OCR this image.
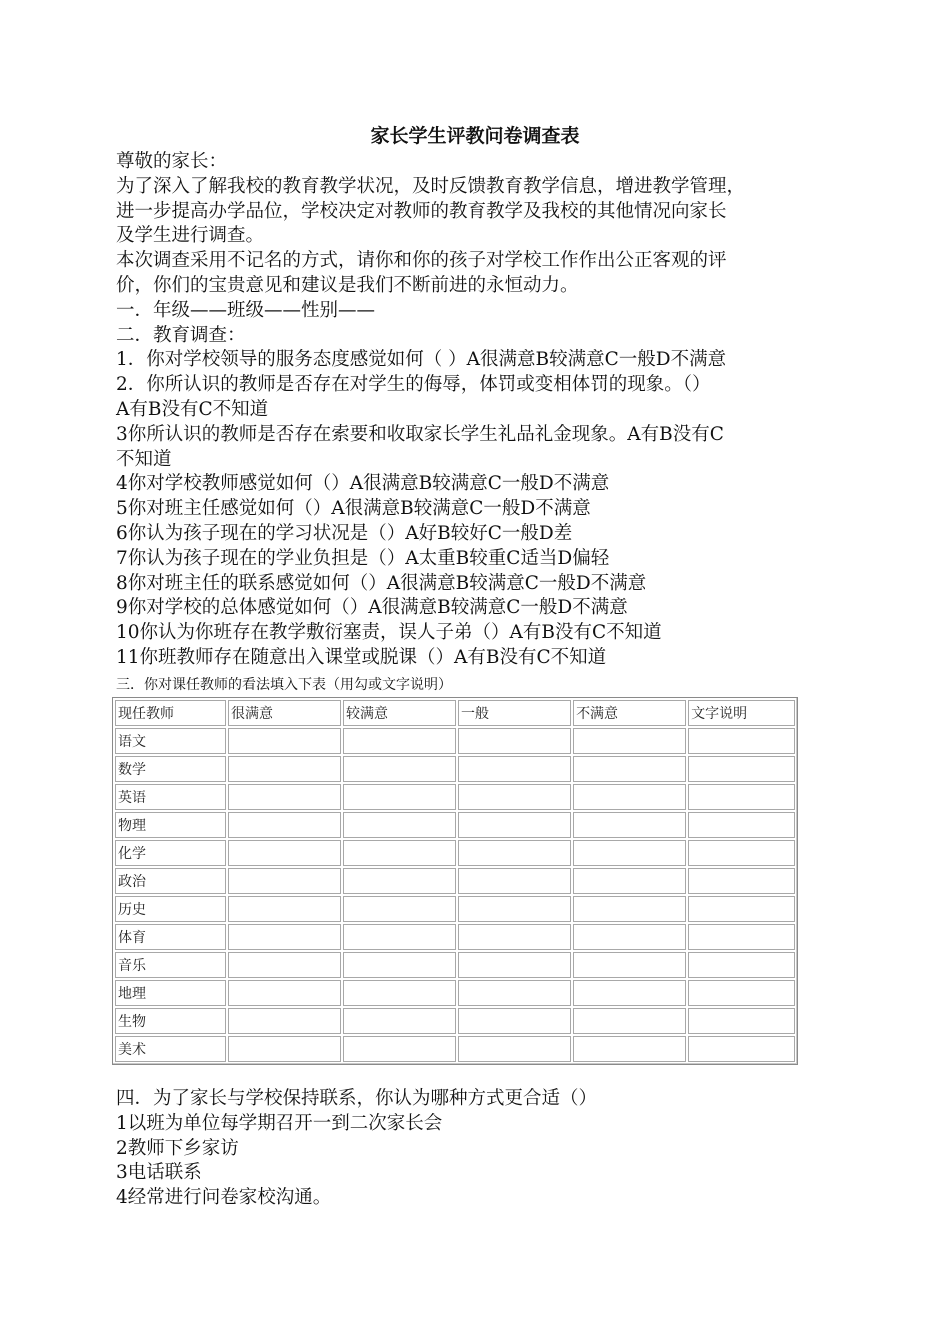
家长学生评教问卷调查表

尊敬的家长：

为了深入了解我校的教育教学状况，及时反馈教育教学信息，增进教学管理，

进一步提高办学品位，学校决定对教师的教育教学及我校的其他情况向家长

及学生进行调查。

本次调查采用不记名的方式，请你和你的孩子对学校工作作出公正客观的评

价，你们的宝贵意见和建议是我们不断前进的永恒动力。

一．年级——班级——性别——

二．教育调查：

1．你对学校领导的服务态度感觉如何（ ）A很满意B较满意C一般D不满意

2．你所认识的教师是否存在对学生的侮辱，体罚或变相体罚的现象。（）

A有B没有C不知道

3你所认识的教师是否存在索要和收取家长学生礼品礼金现象。A有B没有C

不知道

4你对学校教师感觉如何（）A很满意B较满意C一般D不满意

5你对班主任感觉如何（）A很满意B较满意C一般D不满意

6你认为孩子现在的学习状况是（）A好B较好C一般D差

7你认为孩子现在的学业负担是（）A太重B较重C适当D偏轻

8你对班主任的联系感觉如何（）A很满意B较满意C一般D不满意

9你对学校的总体感觉如何（）A很满意B较满意C一般D不满意

10你认为你班存在教学敷衍塞责，误人子弟（）A有B没有C不知道

11你班教师存在随意出入课堂或脱课（）A有B没有C不知道

三．你对课任教师的看法填入下表（用勾或文字说明）
现任教师	很满意	较满意	一般	不满意	文字说明
语文					
数学					
英语					
物理					
化学					
政治					
历史					
体育					
音乐					
地理					
生物					
美术					

四．为了家长与学校保持联系，你认为哪种方式更合适（）

1以班为单位每学期召开一到二次家长会

2教师下乡家访

3电话联系

4经常进行问卷家校沟通。
